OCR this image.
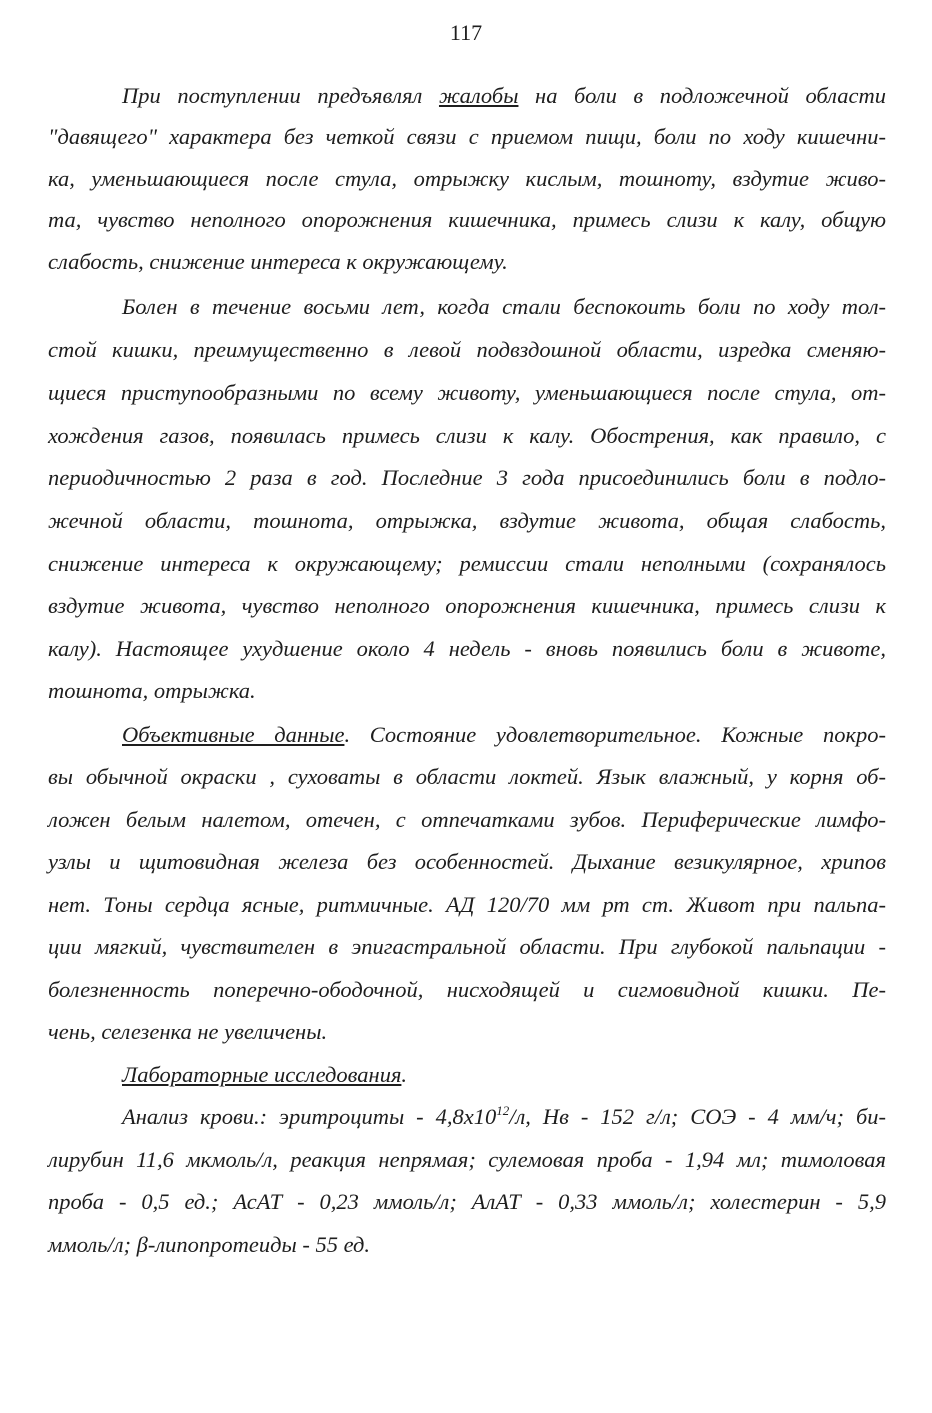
117
При поступлении предъявлял жалобы на боли в подложечной области
"давящего" характера без четкой связи с приемом пищи, боли по ходу кишечни-
ка, уменьшающиеся после стула, отрыжку кислым, тошноту, вздутие живо-
та, чувство неполного опорожнения кишечника, примесь слизи к калу, общую
слабость, снижение интереса к окружающему.
Болен в течение восьми лет, когда стали беспокоить боли по ходу тол-
стой кишки, преимущественно в левой подвздошной области, изредка сменяю-
щиеся приступообразными по всему животу, уменьшающиеся после стула, от-
хождения газов, появилась примесь слизи к калу. Обострения, как правило, с
периодичностью 2 раза в год. Последние 3 года присоединились боли в подло-
жечной области, тошнота, отрыжка, вздутие живота, общая слабость,
снижение интереса к окружающему; ремиссии стали неполными (сохранялось
вздутие живота, чувство неполного опорожнения кишечника, примесь слизи к
калу). Настоящее ухудшение около 4 недель - вновь появились боли в животе,
тошнота, отрыжка.
Объективные данные. Состояние удовлетворительное. Кожные покро-
вы обычной окраски , суховаты в области локтей. Язык влажный, у корня об-
ложен белым налетом, отечен, с отпечатками зубов. Периферические лимфо-
узлы и щитовидная железа без особенностей. Дыхание везикулярное, хрипов
нет. Тоны сердца ясные, ритмичные. АД 120/70 мм рт ст. Живот при пальпа-
ции мягкий, чувствителен в эпигастральной области. При глубокой пальпации -
болезненность поперечно-ободочной, нисходящей и сигмовидной кишки. Пе-
чень, селезенка не увеличены.
Лабораторные исследования.
Анализ крови.: эритроциты - $4,8х10^{12}/л$, Нв - 152 г/л; СОЭ - 4 мм/ч; би-
лирубин 11,6 мкмоль/л, реакция непрямая; сулемовая проба - 1,94 мл; тимоловая
проба - 0,5 ед.; АсАТ - 0,23 ммоль/л; АлАТ - 0,33 ммоль/л; холестерин - 5,9
ммоль/л; β-липопротеиды - 55 ед.
